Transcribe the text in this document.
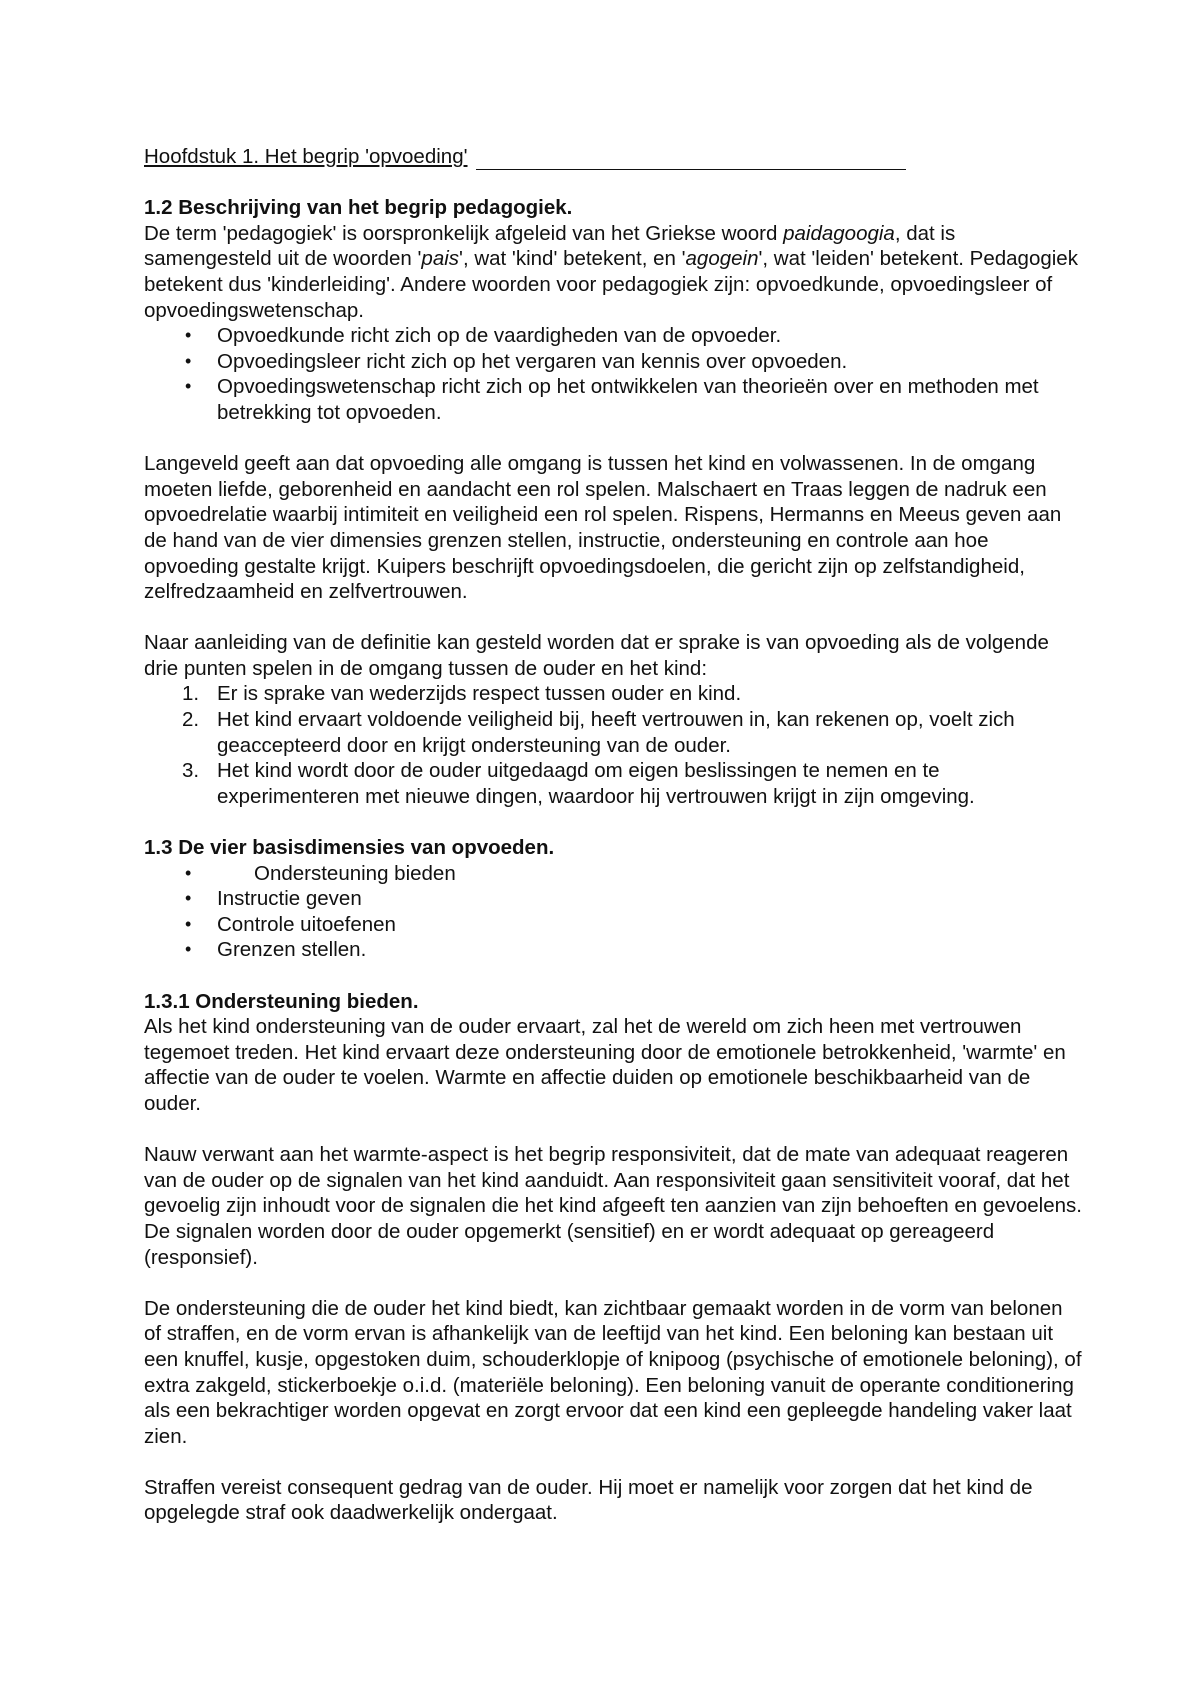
Hoofdstuk 1. Het begrip 'opvoeding'
1.2 Beschrijving van het begrip pedagogiek.

De term 'pedagogiek' is oorspronkelijk afgeleid van het Griekse woord paidagoogia, dat is samengesteld uit de woorden 'pais', wat 'kind' betekent, en 'agogein', wat 'leiden' betekent. Pedagogiek betekent dus 'kinderleiding'. Andere woorden voor pedagogiek zijn: opvoedkunde, opvoedingsleer of opvoedingswetenschap.

• Opvoedkunde richt zich op de vaardigheden van de opvoeder.
• Opvoedingsleer richt zich op het vergaren van kennis over opvoeden.
• Opvoedingswetenschap richt zich op het ontwikkelen van theorieën over en methoden met betrekking tot opvoeden.

Langeveld geeft aan dat opvoeding alle omgang is tussen het kind en volwassenen. In de omgang moeten liefde, geborenheid en aandacht een rol spelen. Malschaert en Traas leggen de nadruk een opvoedrelatie waarbij intimiteit en veiligheid een rol spelen. Rispens, Hermanns en Meeus geven aan de hand van de vier dimensies grenzen stellen, instructie, ondersteuning en controle aan hoe opvoeding gestalte krijgt. Kuipers beschrijft opvoedingsdoelen, die gericht zijn op zelfstandigheid, zelfredzaamheid en zelfvertrouwen.

Naar aanleiding van de definitie kan gesteld worden dat er sprake is van opvoeding als de volgende drie punten spelen in de omgang tussen de ouder en het kind:

1. Er is sprake van wederzijds respect tussen ouder en kind.
2. Het kind ervaart voldoende veiligheid bij, heeft vertrouwen in, kan rekenen op, voelt zich geaccepteerd door en krijgt ondersteuning van de ouder.
3. Het kind wordt door de ouder uitgedaagd om eigen beslissingen te nemen en te experimenteren met nieuwe dingen, waardoor hij vertrouwen krijgt in zijn omgeving.
1.3 De vier basisdimensies van opvoeden.
•	Ondersteuning bieden
• Instructie geven
• Controle uitoefenen
• Grenzen stellen.
1.3.1 Ondersteuning bieden.

Als het kind ondersteuning van de ouder ervaart, zal het de wereld om zich heen met vertrouwen tegemoet treden. Het kind ervaart deze ondersteuning door de emotionele betrokkenheid, 'warmte' en affectie van de ouder te voelen. Warmte en affectie duiden op emotionele beschikbaarheid van de ouder.

Nauw verwant aan het warmte-aspect is het begrip responsiviteit, dat de mate van adequaat reageren van de ouder op de signalen van het kind aanduidt. Aan responsiviteit gaan sensitiviteit vooraf, dat het gevoelig zijn inhoudt voor de signalen die het kind afgeeft ten aanzien van zijn behoeften en gevoelens. De signalen worden door de ouder opgemerkt (sensitief) en er wordt adequaat op gereageerd (responsief).

De ondersteuning die de ouder het kind biedt, kan zichtbaar gemaakt worden in de vorm van belonen of straffen, en de vorm ervan is afhankelijk van de leeftijd van het kind. Een beloning kan bestaan uit een knuffel, kusje, opgestoken duim, schouderklopje of knipoog (psychische of emotionele beloning), of extra zakgeld, stickerboekje o.i.d. (materiële beloning). Een beloning vanuit de operante conditionering als een bekrachtiger worden opgevat en zorgt ervoor dat een kind een gepleegde handeling vaker laat zien.

Straffen vereist consequent gedrag van de ouder. Hij moet er namelijk voor zorgen dat het kind de opgelegde straf ook daadwerkelijk ondergaat.
